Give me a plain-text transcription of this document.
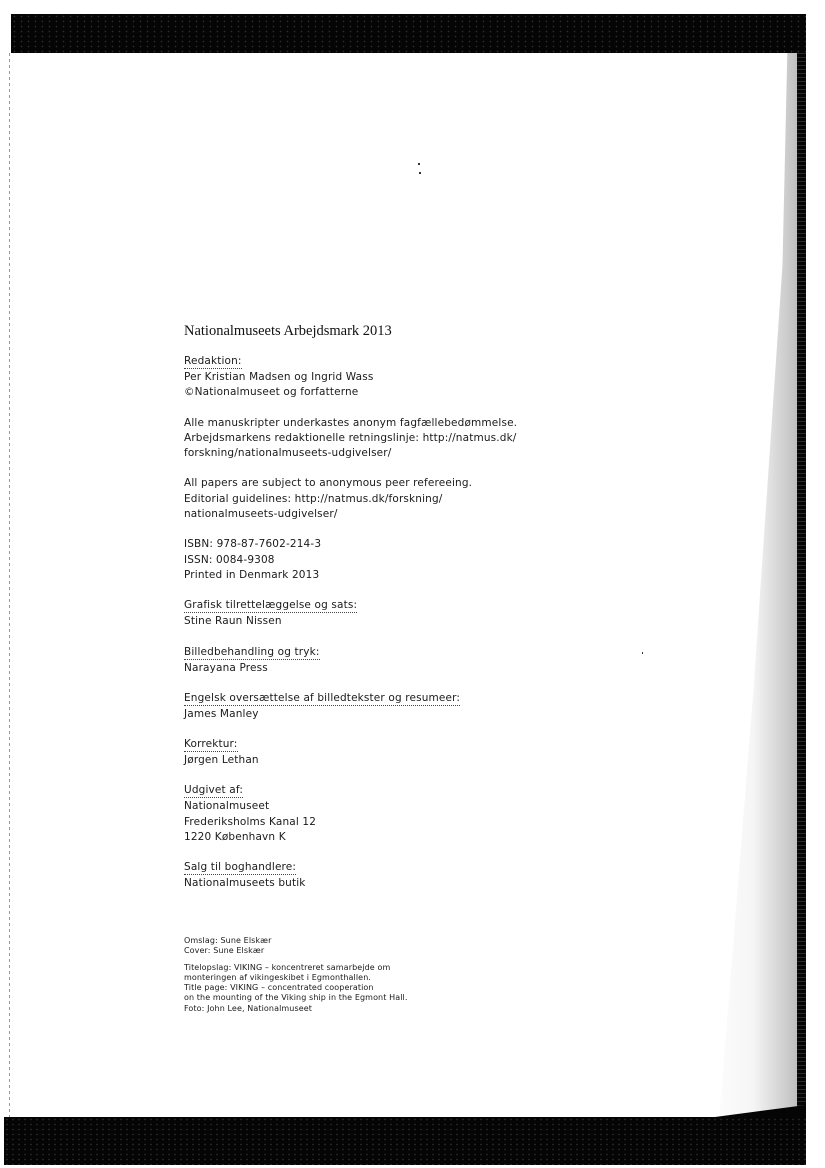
Nationalmuseets Arbejdsmark 2013
Redaktion:
Per Kristian Madsen og Ingrid Wass
©Nationalmuseet og forfatterne
Alle manuskripter underkastes anonym fagfællebedømmelse.
Arbejdsmarkens redaktionelle retningslinje: http://natmus.dk/
forskning/nationalmuseets-udgivelser/
All papers are subject to anonymous peer refereeing.
Editorial guidelines: http://natmus.dk/forskning/
nationalmuseets-udgivelser/
ISBN: 978-87-7602-214-3
ISSN: 0084-9308
Printed in Denmark 2013
Grafisk tilrettelæggelse og sats:
Stine Raun Nissen
Billedbehandling og tryk:
Narayana Press
Engelsk oversættelse af billedtekster og resumeer:
James Manley
Korrektur:
Jørgen Lethan
Udgivet af:
Nationalmuseet
Frederiksholms Kanal 12
1220 København K
Salg til boghandlere:
Nationalmuseets butik
Omslag: Sune Elskær
Cover: Sune Elskær
Titelopslag: VIKING – koncentreret samarbejde om
monteringen af vikingeskibet i Egmonthallen.
Title page: VIKING – concentrated cooperation
on the mounting of the Viking ship in the Egmont Hall.
Foto: John Lee, Nationalmuseet
